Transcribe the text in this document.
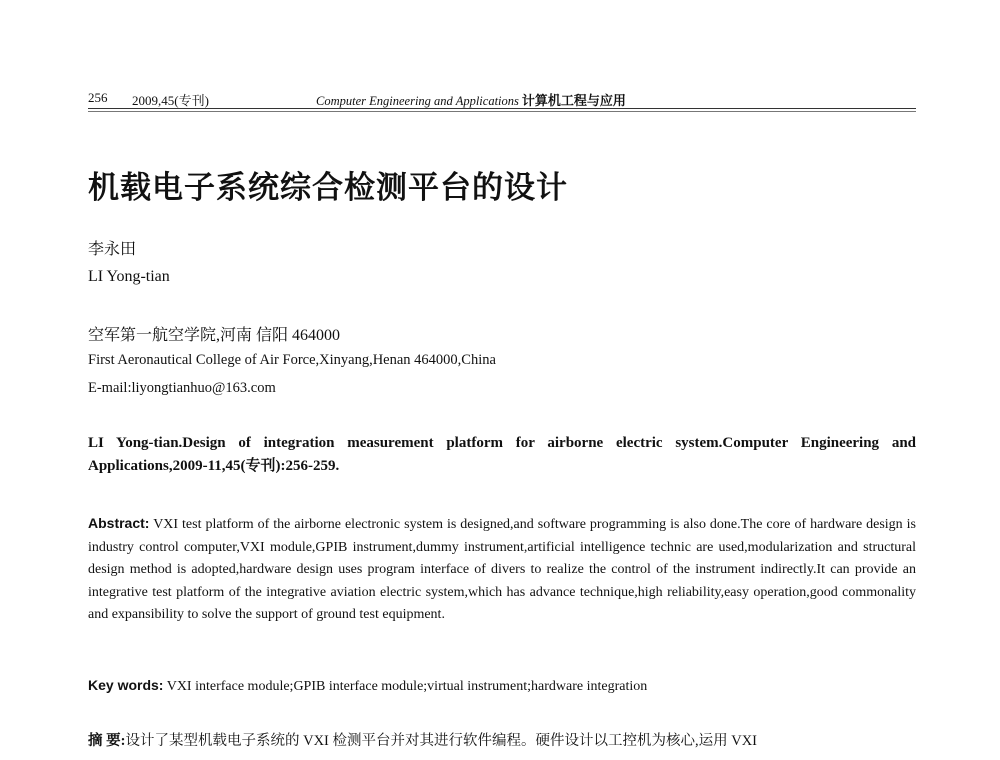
256 2009,45(专刊)	Computer Engineering and Applications 计算机工程与应用
机载电子系统综合检测平台的设计
李永田
LI Yong-tian
空军第一航空学院,河南 信阳 464000
First Aeronautical College of Air Force,Xinyang,Henan 464000,China
E-mail:liyongtianhuo@163.com

LI Yong-tian.Design of integration measurement platform for airborne electric system.Computer Engineering and Applications,2009-11,45(专刊):256-259.

Abstract: VXI test platform of the airborne electronic system is designed,and software programming is also done.The core of hardware design is industry control computer,VXI module,GPIB instrument,dummy instrument,artificial intelligence technic are used,modularization and structural design method is adopted,hardware design uses program interface of divers to realize the control of the instrument indirectly.It can provide an integrative test platform of the integrative aviation electric system,which has advance technique,high reliability,easy operation,good commonality and expansibility to solve the support of ground test equipment.

Key words: VXI interface module;GPIB interface module;virtual instrument;hardware integration

摘 要:设计了某型机载电子系统的 VXI 检测平台并对其进行软件编程。硬件设计以工控机为核心,运用 VXI
